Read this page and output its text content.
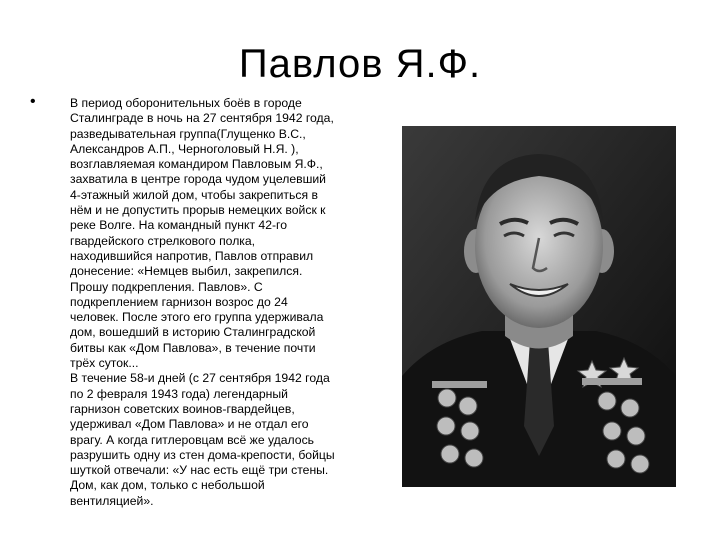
Павлов Я.Ф.
•	В период оборонительных боёв в городе
Сталинграде в ночь на 27 сентября 1942 года,
разведывательная группа(Глущенко В.С.,
Александров А.П., Черноголовый Н.Я. ),
возглавляемая командиром Павловым Я.Ф.,
захватила в центре города чудом уцелевший
4-этажный жилой дом, чтобы закрепиться в
нём и не допустить прорыв немецких войск к
реке Волге. На командный пункт 42-го
гвардейского стрелкового полка,
находившийся напротив, Павлов отправил
донесение: «Немцев выбил, закрепился.
Прошу подкрепления. Павлов». С
подкреплением гарнизон возрос до 24
человек. После этого его группа удерживала
дом, вошедший в историю Сталинградской
битвы как «Дом Павлова», в течение почти
трёх суток...
В течение 58-и дней (с 27 сентября 1942 года
по 2 февраля 1943 года) легендарный
гарнизон советских воинов-гвардейцев,
удерживал «Дом Павлова» и не отдал его
врагу. А когда гитлеровцам всё же удалось
разрушить одну из стен дома-крепости, бойцы
шуткой отвечали: «У нас есть ещё три стены.
Дом, как дом, только с небольшой
вентиляцией».
